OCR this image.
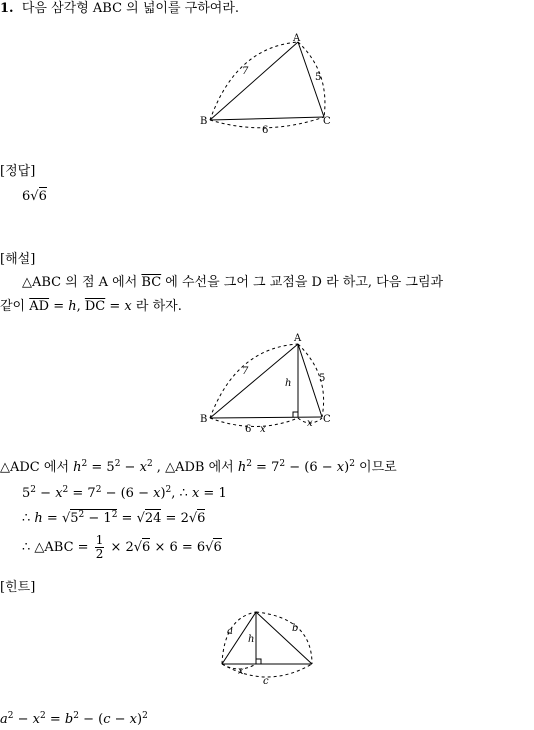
1. 다음 삼각형 ABC 의 넓이를 구하여라.
A
B	C
7
5
6
[정답]
6√6
[해설]
△ABC 의 점 A 에서 $\overline{BC}$ 에 수선을 그어 그 교점을 D 라 하고, 다음 그림과
같이 $\overline{AD} = h$, $\overline{DC} = x$ 라 하자.
A
B	C
7
5
h
6 x
x
△ADC 에서 $h^2 = 5^2 - x^2$ , △ADB 에서 $h^2 = 7^2 - (6 - x)^2$ 이므로
$5^2 - x^2 = 7^2 - (6 - x)^2$, ∴ x = 1
∴ $h = √5^2 - 1^2 = √24 = 2√6$
∴ △ABC = $\frac{1}{2} \times 2√6 \times 6 = 6√6$
[힌트]
a	b
h
x
c
$a^2 - x^2 = b^2 - (c - x)^2$
